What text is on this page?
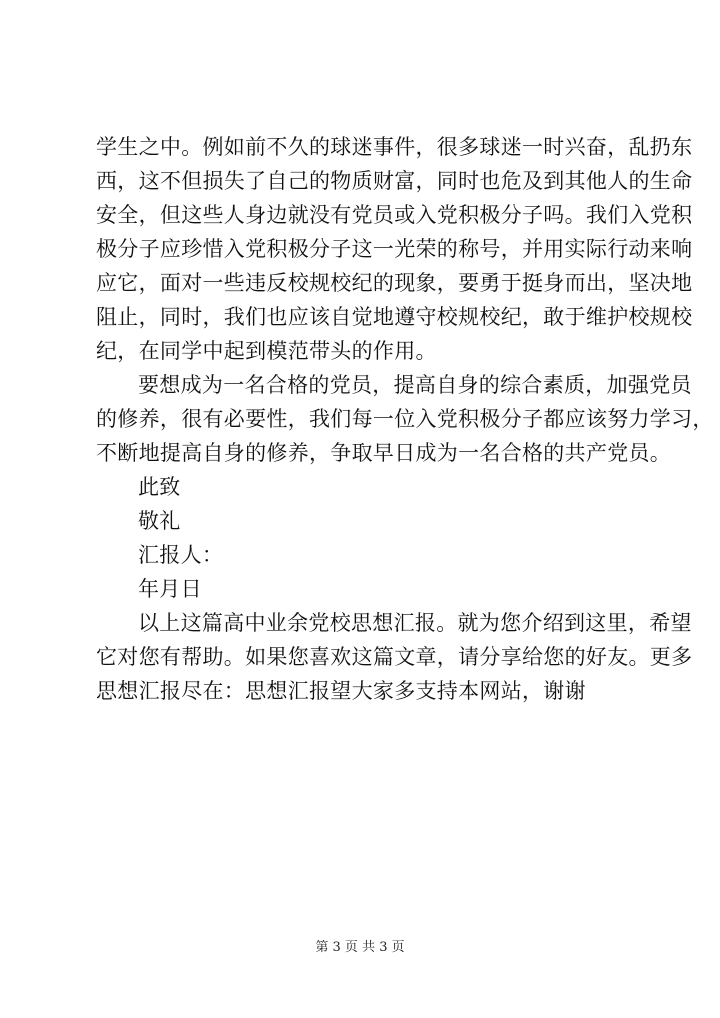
学生之中。例如前不久的球迷事件，很多球迷一时兴奋，乱扔东
西，这不但损失了自己的物质财富，同时也危及到其他人的生命
安全，但这些人身边就没有党员或入党积极分子吗。我们入党积
极分子应珍惜入党积极分子这一光荣的称号，并用实际行动来响
应它，面对一些违反校规校纪的现象，要勇于挺身而出，坚决地
阻止，同时，我们也应该自觉地遵守校规校纪，敢于维护校规校
纪，在同学中起到模范带头的作用。

要想成为一名合格的党员，提高自身的综合素质，加强党员
的修养，很有必要性，我们每一位入党积极分子都应该努力学习，
不断地提高自身的修养，争取早日成为一名合格的共产党员。

此致

敬礼

汇报人：

年月日

以上这篇高中业余党校思想汇报。就为您介绍到这里，希望
它对您有帮助。如果您喜欢这篇文章，请分享给您的好友。更多
思想汇报尽在：思想汇报望大家多支持本网站，谢谢

第 3 页 共 3 页
